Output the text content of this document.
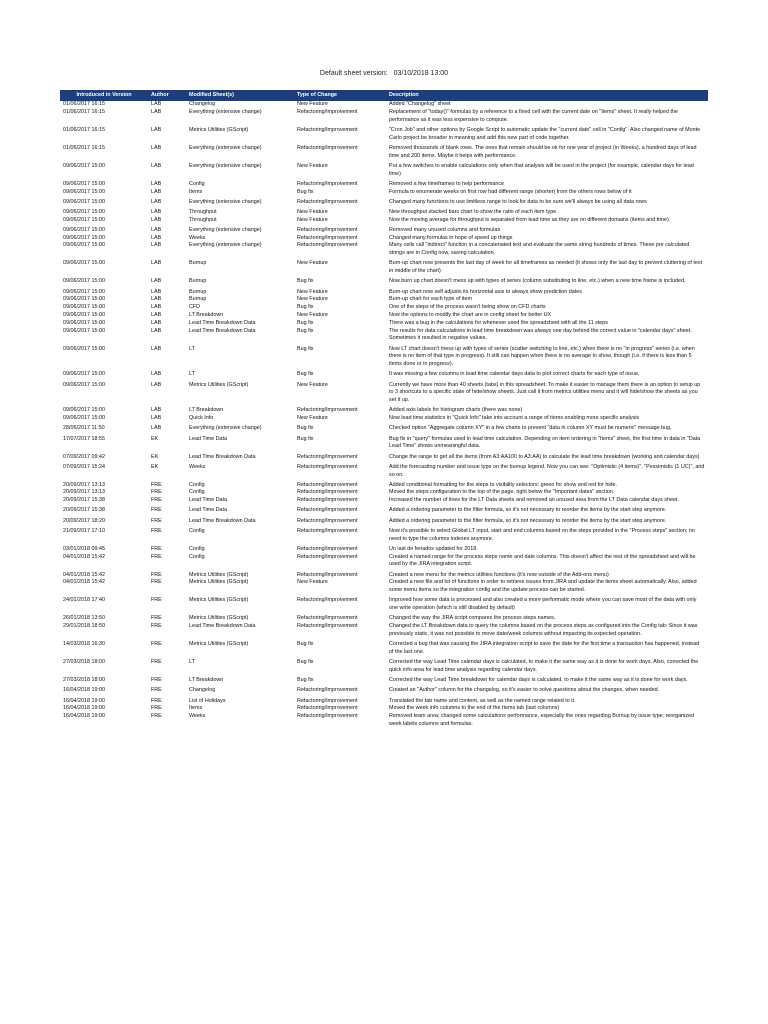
Default sheet version: 03/10/2018 13:00
Introduced in Version	Author	Modified Sheet(s)	Type of Change	Description
01/06/2017 16:15	LAB	Changelog	New Feature	Added "Changelog" sheet
01/06/2017 16:15	LAB	Everything (extensive change)	Refactoring/Improvement	Replacement of "today()" formulas by a reference to a fixed cell with the current date on "Items" sheet. It really helped the performance as it was less expensive to compute.
01/06/2017 16:15	LAB	Metrics Utilities (GScript)	Refactoring/Improvement	"Cron Job" and other options by Google Script to automatic update the "current date" cell in "Config". Also changed name of Monte Carlo project be broader in meaning and add this new part of code together.
01/06/2017 16:15	LAB	Everything (extensive change)	Refactoring/Improvement	Removed thousands of blank rows. The ones that remain should be ok for one year of project (in Weeks), a hundred days of lead time and 200 items. Maybe it helps with performance.
09/06/2017 15:00	LAB	Everything (extensive change)	New Feature	Put a few switches to enable calculations only when that analysis will be used in the project (for example, calendar days for lead time)
09/06/2017 15:00	LAB	Config	Refactoring/Improvement	Removed a few timeframes to help performance
09/06/2017 15:00	LAB	Items	Bug fix	Formula to enumerate weeks on first row had different range (shorter) from the others rows below of it
09/06/2017 15:00	LAB	Everything (extensive change)	Refactoring/Improvement	Changed many functions to use limitless range to look for data to be sure we'll always be using all data rows
09/06/2017 15:00	LAB	Throughput	New Feature	New throughput stacked bars chart to show the ratio of each item type
09/06/2017 15:00	LAB	Throughput	New Feature	Now the moving average for throughput is separated from lead time as they are on different domains (items and time)
09/06/2017 15:00	LAB	Everything (extensive change)	Refactoring/Improvement	Removed many unused columns and formulas
09/06/2017 15:00	LAB	Weeks	Refactoring/Improvement	Changed many formulas in hope of speed up things
09/06/2017 15:00	LAB	Everything (extensive change)	Refactoring/Improvement	Many cells call "indirect" function in a concatenated text and evaluate the same string hundreds of times. These pre calculated strings are in Config now, saving calculation.
09/06/2017 15:00	LAB	Burnup	New Feature	Burn-up chart now presents the last day of week for all timeframes as needed (it shows only the last day to prevent cluttering of text in middle of the chart)
09/06/2017 15:00	LAB	Burnup	Bug fix	Now burn up chart doesn't mess up with types of series (column substituting to line, etc.) when a new time frame is included.
09/06/2017 15:00	LAB	Burnup	New Feature	Burn-up chart now self adjusts its horizontal axis to always show prediction dates
09/06/2017 15:00	LAB	Burnup	New Feature	Burn-up chart for each type of item
09/06/2017 15:00	LAB	CFD	Bug fix	One of the steps of the process wasn't being show on CFD charts
09/06/2017 15:00	LAB	LT Breakdown	New Feature	Now the options to modify the chart are in config sheet for better UX
09/06/2017 15:00	LAB	Lead Time Breakdown Data	Bug fix	There was a bug in the calculations for whenever used the spreadsheet with all the 11 steps
09/06/2017 15:00	LAB	Lead Time Breakdown Data	Bug fix	The results for data calculations in lead time breakdown was always one day behind the correct value in "calendar days" sheet. Sometimes it resulted in negative values.
09/06/2017 15:00	LAB	LT	Bug fix	Now LT chart doesn't mess up with types of series (scatter switching to line, etc.) when there is no "in progress" series (i.e. when there is no item of that type in progress). It still can happen when there is no average to show, though (i.e. if there is less than 5 items done or in progress).
09/06/2017 15:00	LAB	LT	Bug fix	It was missing a few columns in lead time calendar days data to plot correct charts for each type of issue.
09/06/2017 15:00	LAB	Metrics Utilities (GScript)	New Feature	Currently we have more than 40 sheets (tabs) in this spreadsheet. To make it easier to manage them there is an option to setup up to 3 shortcuts to a specific state of hide/show sheets. Just call it from metrics utilities menu and it will hide/show the sheets as you set it up.
09/06/2017 15:00	LAB	LT Breakdown	Refactoring/Improvement	Added axis labels for histogram charts (there was none)
09/06/2017 15:00	LAB	Quick Info	New Feature	Now lead time statistics in "Quick Info" take into account a range of items enabling more specific analysis
28/06/2017 11:50	LAB	Everything (extensive change)	Bug fix	Checked option "Aggregate column XY" in a few charts to prevent "data in column XY must be numeric" message bug.
17/07/2017 18:55	EK	Lead Time Data	Bug fix	Bug fix in "query" formulas used in lead time calculation. Depending on item ordering in "Items" sheet, the first time in data in "Data Lead Time" shows unmeaningful data.
07/09/2017 09:42	EK	Lead Time Breakdown Data	Refactoring/Improvement	Change the range to get all the items (from A3:AA100 to A3:AA) to calculate the lead time breakdown (working and calendar days)
07/09/2017 15:24	EK	Weeks	Refactoring/Improvement	Add the forecasting number and issue type on the burnup legend. Now you can see: "Optimistic (4 items)", "Pessimistic (1 UC)", and so on.
20/09/2017 13:13	FRE	Config	Refactoring/Improvement	Added conditional formatting for the steps to visibility selectors: green for show and red for hide.
20/09/2017 13:13	FRE	Config	Refactoring/Improvement	Moved the steps configuration to the top of the page, right below the "Important dates" section.
20/09/2017 15:38	FRE	Lead Time Data	Refactoring/Improvement	Increased the number of lines for the LT Data sheets and removed an unused area from the LT Data calendar days sheet.
20/09/2017 15:38	FRE	Lead Time Data	Refactoring/Improvement	Added a ordering parameter to the filter formula, so it's not necessary to reorder the items by the start step anymore.
20/09/2017 18:20	FRE	Lead Time Breakdown Data	Refactoring/Improvement	Added a ordering parameter to the filter formula, so it's not necessary to reorder the items by the start step anymore.
21/09/2017 17:10	FRE	Config	Refactoring/Improvement	Now it's possible to select Global LT input, start and end columns based on the steps provided in the "Process steps" section; no need to type the columns indexes anymore.
03/01/2018 09:45	FRE	Config	Refactoring/Improvement	Un last de feriados updated for 2018.
04/01/2018 15:42	FRE	Config	Refactoring/Improvement	Created a named range for the process steps name and date columns. This doesn't affect the rest of the spreadsheet and will be used by the JIRA integration script.
04/01/2018 15:42	FRE	Metrics Utilities (GScript)	Refactoring/Improvement	Created a new menu for the metrics utilities functions (it's now outside of the Add-ons menu)
04/01/2018 15:42	FRE	Metrics Utilities (GScript)	New Feature	Created a new file and lot of functions in order to retrieve issues from JIRA and update the items sheet automatically. Also, added some menu items so the integration config and the update process can be started.
24/01/2018 17:40	FRE	Metrics Utilities (GScript)	Refactoring/Improvement	Improved how some data is processed and also created a more performatic mode where you can save most of the data with only one write operation (which is still disabled by default)
26/01/2018 13:50	FRE	Metrics Utilities (GScript)	Refactoring/Improvement	Changed the way the JIRA script compares the process steps names.
29/01/2018 18:50	FRE	Lead Time Breakdown Data	Refactoring/Improvement	Changed the LT Breakdown data to query the columns based on the process steps as configured into the Config tab; Since it was previously static, it was not possible to move date/week columns without impacting its expected operation.
14/03/2018 16:30	FRE	Metrics Utilities (GScript)	Bug fix	Corrected a bug that was causing the JIRA integration script to save the date for the first time a transaction has happened, instead of the last one.
27/03/2018 18:00	FRE	LT	Bug fix	Corrected the way Lead Time calendar days is calculated, to make it the same way as it is done for work days. Also, corrected the quick info area for lead time analysis regarding calendar days.
27/03/2018 18:00	FRE	LT Breakdown	Bug fix	Corrected the way Lead Time breakdown for calendar days is calculated, to make it the same way as it is done for work days.
16/04/2018 19:00	FRE	Changelog	Refactoring/Improvement	Created an "Author" column for the changelog, so it's easier to solve questions about the changes, when needed.
16/04/2018 19:00	FRE	List of Holidays	Refactoring/Improvement	Translated the tab name and content, as well as the named range related to it.
16/04/2018 19:00	FRE	Items	Refactoring/Improvement	Moved the week info columns to the end of the Items tab (last columns)
16/04/2018 19:00	FRE	Weeks	Refactoring/Improvement	Removed team area; changed some calculations performance, especially the ones regarding Burnup by issue type; reorganized week labels columns and formulas.
